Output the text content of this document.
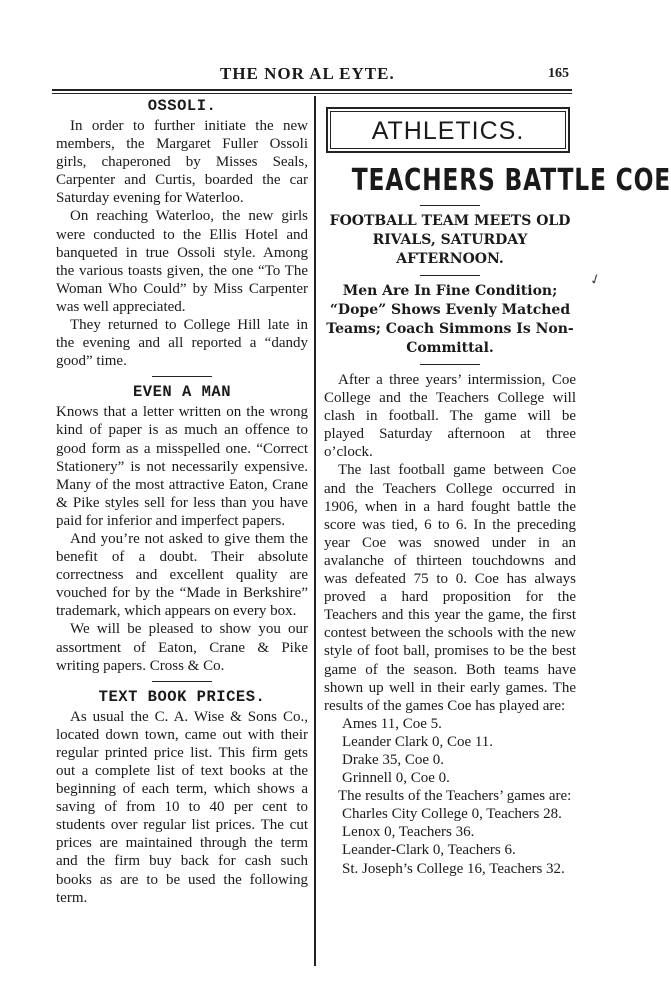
THE NOR AL EYTE.	165
OSSOLI.

In order to further initiate the new members, the Margaret Fuller Ossoli girls, chaperoned by Misses Seals, Carpenter and Curtis, boarded the car Saturday evening for Waterloo.

On reaching Waterloo, the new girls were conducted to the Ellis Hotel and banqueted in true Ossoli style. Among the various toasts given, the one “To The Woman Who Could” by Miss Carpenter was well appreciated.

They returned to College Hill late in the evening and all reported a “dandy good” time.

EVEN A MAN

Knows that a letter written on the wrong kind of paper is as much an offence to good form as a misspelled one. “Correct Stationery” is not necessarily expensive. Many of the most attractive Eaton, Crane & Pike styles sell for less than you have paid for inferior and imperfect papers.

And you’re not asked to give them the benefit of a doubt. Their absolute correctness and excellent quality are vouched for by the “Made in Berkshire” trademark, which appears on every box.

We will be pleased to show you our assortment of Eaton, Crane & Pike writing papers. Cross & Co.

TEXT BOOK PRICES.

As usual the C. A. Wise & Sons Co., located down town, came out with their regular printed price list. This firm gets out a complete list of text books at the beginning of each term, which shows a saving of from 10 to 40 per cent to students over regular list prices. The cut prices are maintained through the term and the firm buy back for cash such books as are to be used the following term.

ATHLETICS.
TEACHERS BATTLE COE
FOOTBALL TEAM MEETS OLD RIVALS, SATURDAY AFTERNOON.
Men Are In Fine Condition; “Dope” Shows Evenly Matched Teams; Coach Simmons Is Non-Committal.

After a three years’ intermission, Coe College and the Teachers College will clash in football. The game will be played Saturday afternoon at three o’clock.

The last football game between Coe and the Teachers College occurred in 1906, when in a hard fought battle the score was tied, 6 to 6. In the preceding year Coe was snowed under in an avalanche of thirteen touchdowns and was defeated 75 to 0. Coe has always proved a hard proposition for the Teachers and this year the game, the first contest between the schools with the new style of foot ball, promises to be the best game of the season. Both teams have shown up well in their early games. The results of the games Coe has played are:

Ames 11, Coe 5.

Leander Clark 0, Coe 11.

Drake 35, Coe 0.

Grinnell 0, Coe 0.

The results of the Teachers’ games are:

Charles City College 0, Teachers 28.

Lenox 0, Teachers 36.

Leander-Clark 0, Teachers 6.

St. Joseph’s College 16, Teachers 32.

✓
